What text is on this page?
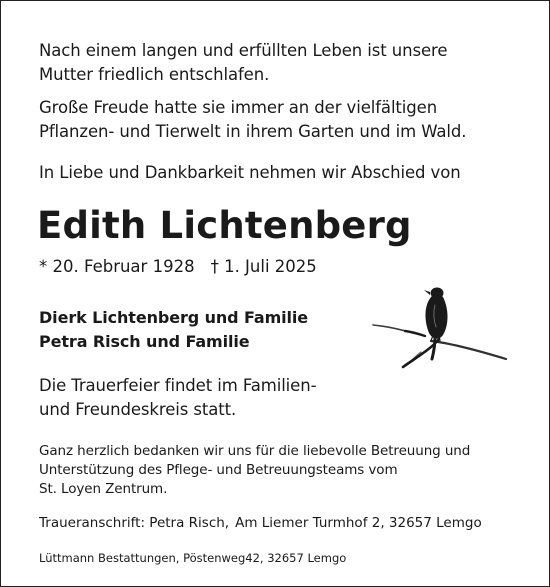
Nach einem langen und erfüllten Leben ist unsere
Mutter friedlich entschlafen.

Große Freude hatte sie immer an der vielfältigen
Pflanzen- und Tierwelt in ihrem Garten und im Wald.

In Liebe und Dankbarkeit nehmen wir Abschied von

Edith Lichtenberg
* 20. Februar 1928 † 1. Juli 2025

Dierk Lichtenberg und Familie
Petra Risch und Familie

Die Trauerfeier findet im Familien-
und Freundeskreis statt.

Ganz herzlich bedanken wir uns für die liebevolle Betreuung und
Unterstützung des Pflege- und Betreuungsteams vom
St. Loyen Zentrum.

Traueranschrift: Petra Risch, Am Liemer Turmhof 2, 32657 Lemgo
Lüttmann Bestattungen, Pöstenweg42, 32657 Lemgo
